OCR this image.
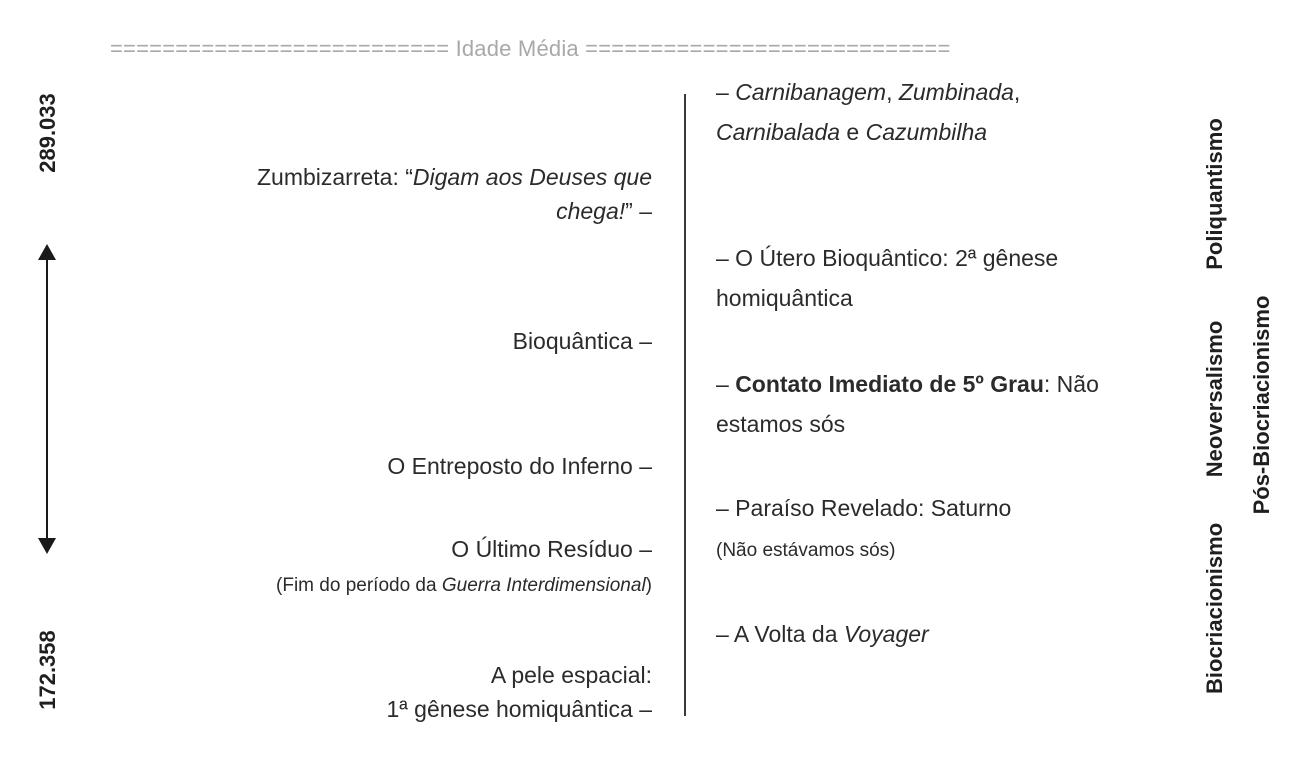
========================== Idade Média ============================
289.033
172.358
Zumbizarreta: “Digam aos Deuses que
chega!” –
Bioquântica –
O Entreposto do Inferno –
O Último Resíduo –
(Fim do período da Guerra Interdimensional)
A pele espacial:
1ª gênese homiquântica –
– Carnibanagem, Zumbinada,
Carnibalada e Cazumbilha
– O Útero Bioquântico: 2ª gênese
homiquântica
– Contato Imediato de 5º Grau: Não
estamos sós
– Paraíso Revelado: Saturno
(Não estávamos sós)
– A Volta da Voyager	Biocriacionismo
Neoversalismo
Poliquantismo
Pós-Biocriacionismo
